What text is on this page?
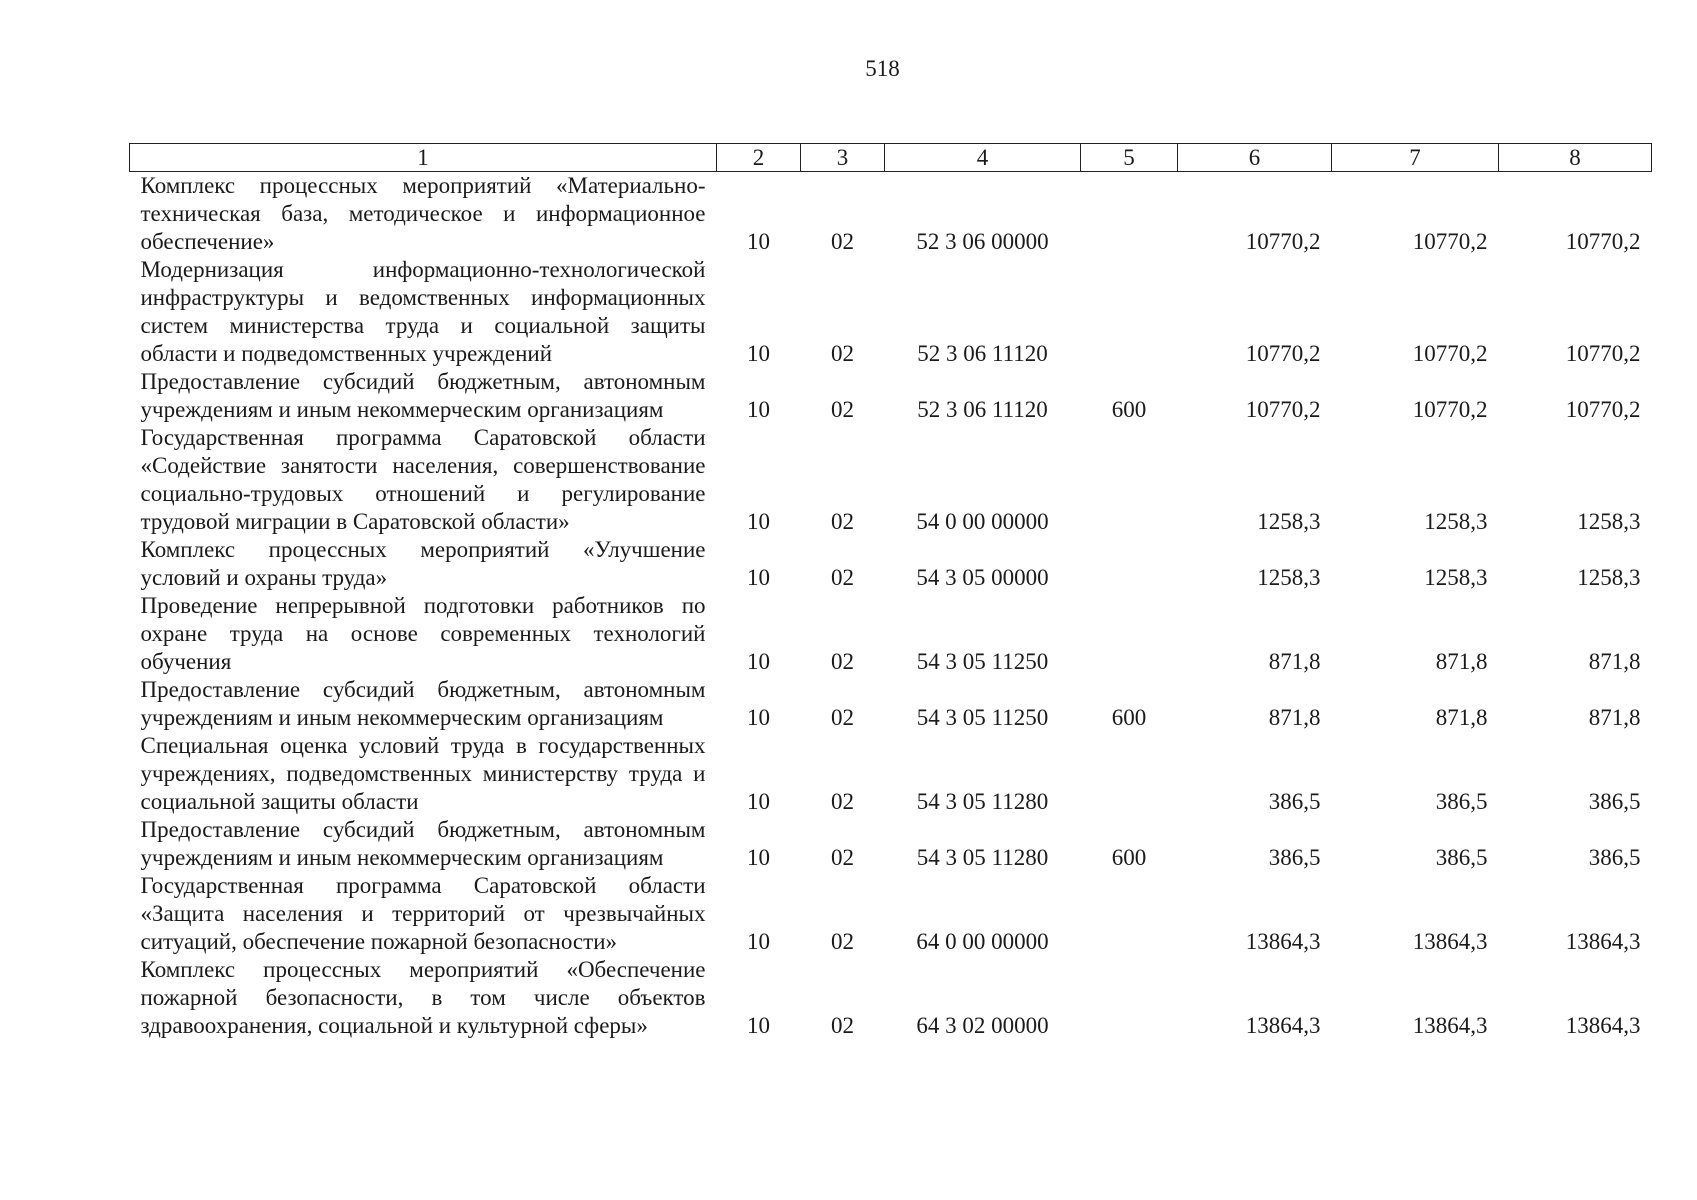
518
1	2	3	4	5	6	7	8
Комплекс процессных мероприятий «Материально-техническая база, методическое и информационное обеспечение»	10	02	52 3 06 00000		10770,2	10770,2	10770,2
Модернизация информационно-технологической инфраструктуры и ведомственных информационных систем министерства труда и социальной защиты области и подведомственных учреждений	10	02	52 3 06 11120		10770,2	10770,2	10770,2
Предоставление субсидий бюджетным, автономным учреждениям и иным некоммерческим организациям	10	02	52 3 06 11120	600	10770,2	10770,2	10770,2
Государственная программа Саратовской области «Содействие занятости населения, совершенствование социально-трудовых отношений и регулирование трудовой миграции в Саратовской области»	10	02	54 0 00 00000		1258,3	1258,3	1258,3
Комплекс процессных мероприятий «Улучшение условий и охраны труда»	10	02	54 3 05 00000		1258,3	1258,3	1258,3
Проведение непрерывной подготовки работников по охране труда на основе современных технологий обучения	10	02	54 3 05 11250		871,8	871,8	871,8
Предоставление субсидий бюджетным, автономным учреждениям и иным некоммерческим организациям	10	02	54 3 05 11250	600	871,8	871,8	871,8
Специальная оценка условий труда в государственных учреждениях, подведомственных министерству труда и социальной защиты области	10	02	54 3 05 11280		386,5	386,5	386,5
Предоставление субсидий бюджетным, автономным учреждениям и иным некоммерческим организациям	10	02	54 3 05 11280	600	386,5	386,5	386,5
Государственная программа Саратовской области «Защита населения и территорий от чрезвычайных ситуаций, обеспечение пожарной безопасности»	10	02	64 0 00 00000		13864,3	13864,3	13864,3
Комплекс процессных мероприятий «Обеспечение пожарной безопасности, в том числе объектов здравоохранения, социальной и культурной сферы»	10	02	64 3 02 00000		13864,3	13864,3	13864,3
